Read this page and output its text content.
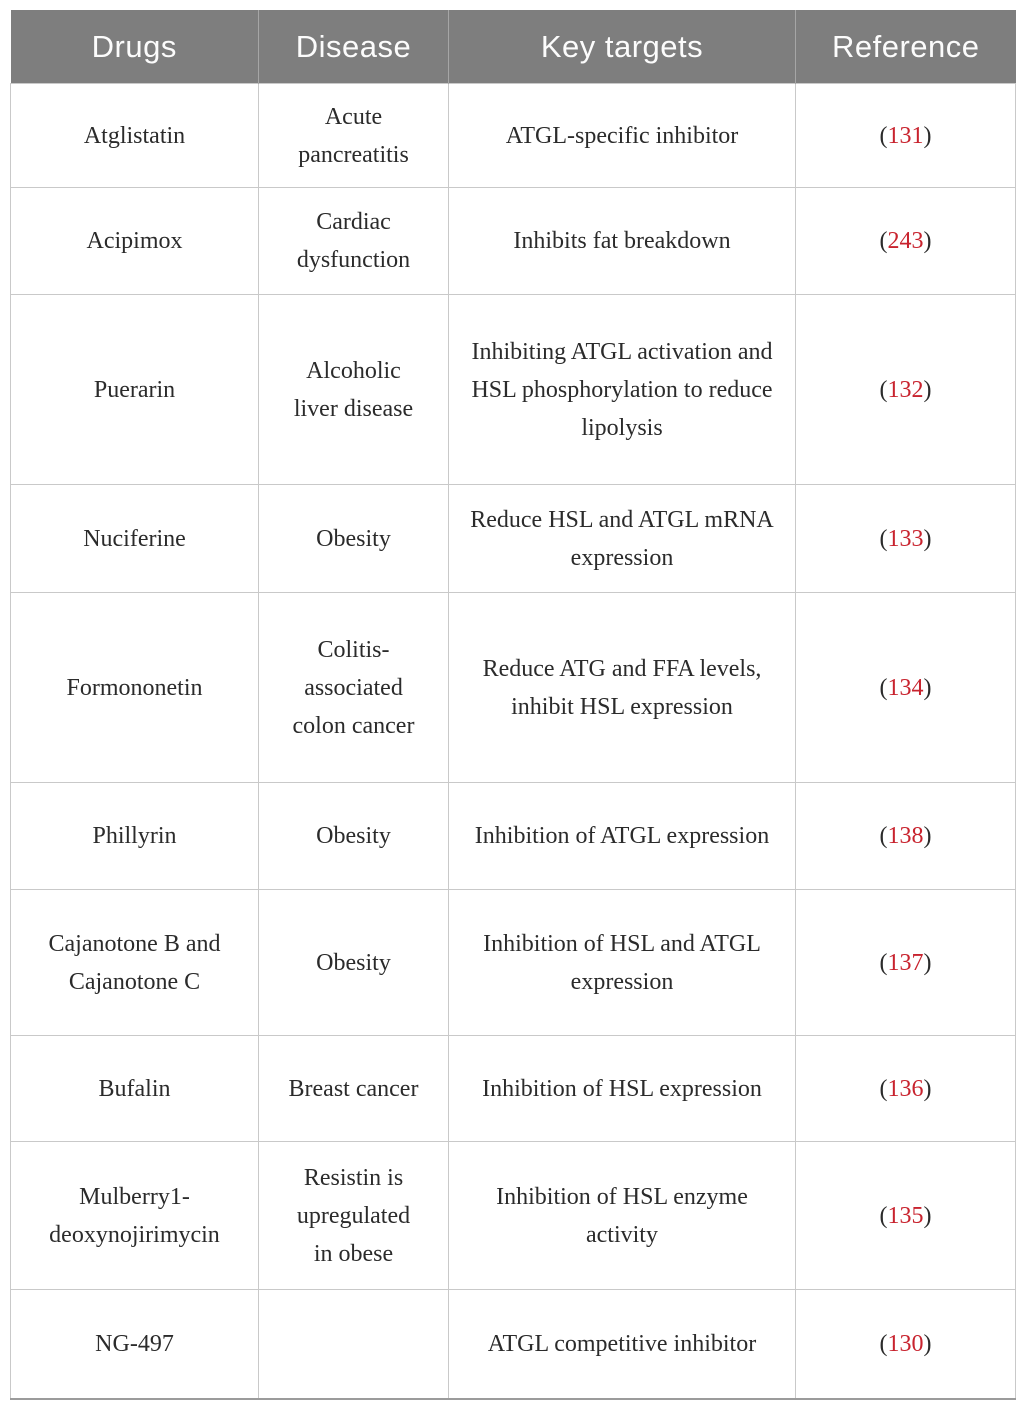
Drugs	Disease	Key targets	Reference
Atglistatin	Acute pancreatitis	ATGL-specific inhibitor	(131)
Acipimox	Cardiac dysfunction	Inhibits fat breakdown	(243)
Puerarin	Alcoholic liver disease	Inhibiting ATGL activation and HSL phosphorylation to reduce lipolysis	(132)
Nuciferine	Obesity	Reduce HSL and ATGL mRNA expression	(133)
Formononetin	Colitis-associated colon cancer	Reduce ATG and FFA levels, inhibit HSL expression	(134)
Phillyrin	Obesity	Inhibition of ATGL expression	(138)
Cajanotone B and Cajanotone C	Obesity	Inhibition of HSL and ATGL expression	(137)
Bufalin	Breast cancer	Inhibition of HSL expression	(136)
Mulberry1-deoxynojirimycin	Resistin is upregulated in obese	Inhibition of HSL enzyme activity	(135)
NG-497		ATGL competitive inhibitor	(130)
